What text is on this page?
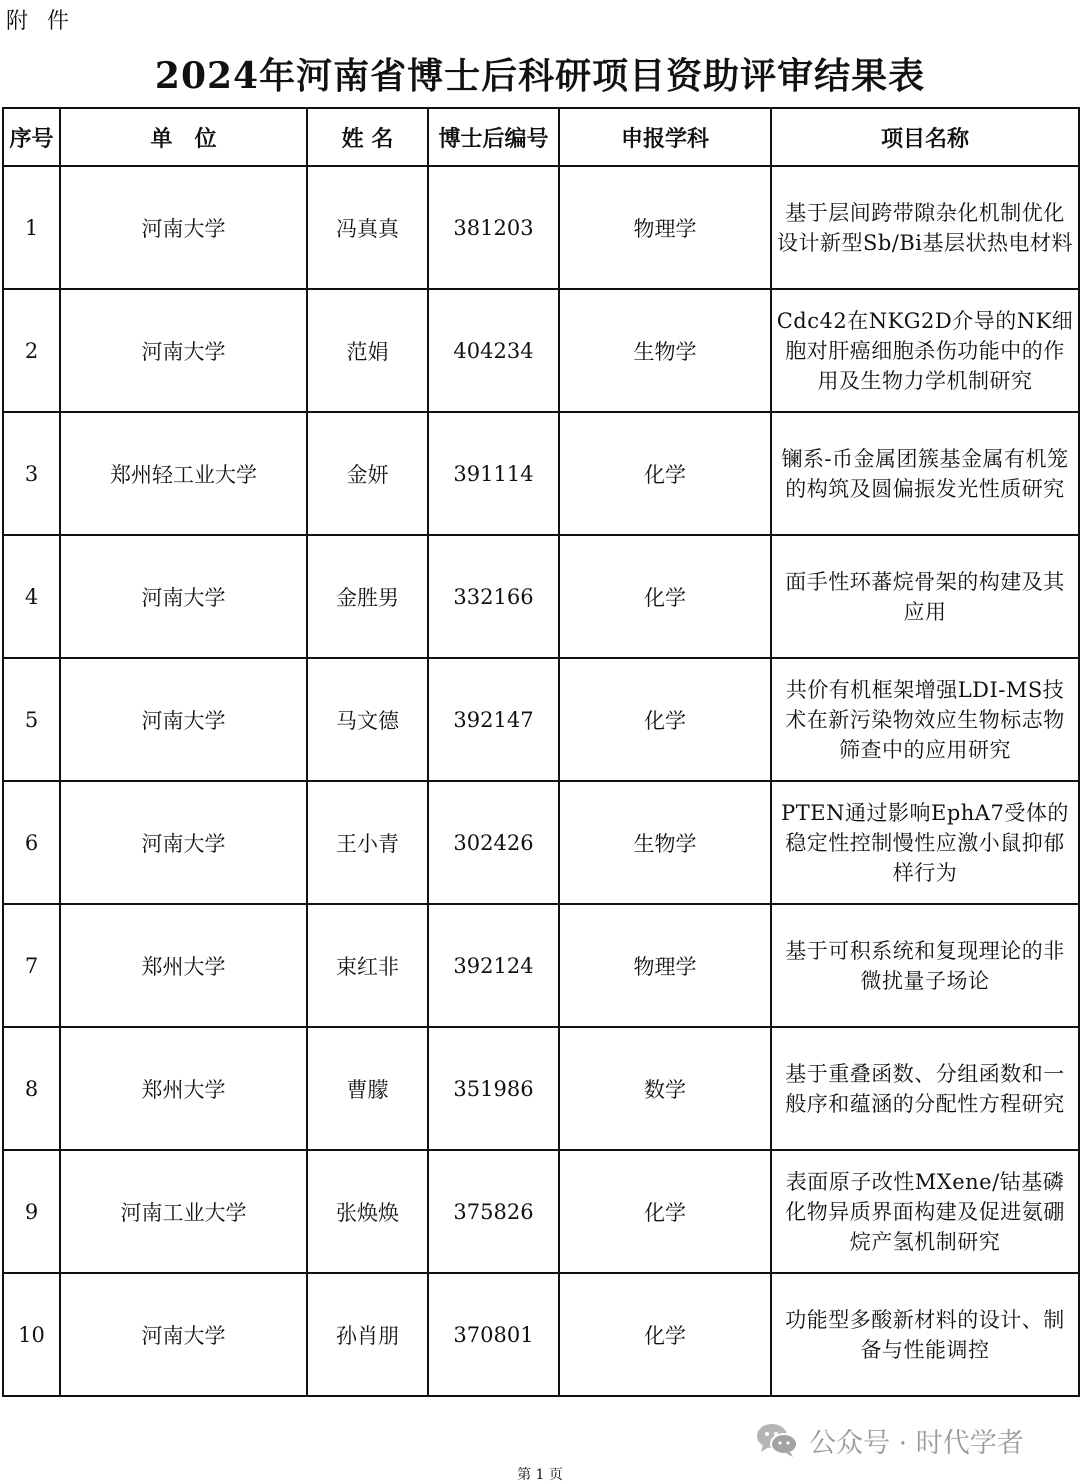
附 件
2024年河南省博士后科研项目资助评审结果表
序号	单　位	姓 名	博士后编号	申报学科	项目名称
1	河南大学	冯真真	381203	物理学	基于层间跨带隙杂化机制优化设计新型Sb/Bi基层状热电材料
2	河南大学	范娟	404234	生物学	Cdc42在NKG2D介导的NK细胞对肝癌细胞杀伤功能中的作用及生物力学机制研究
3	郑州轻工业大学	金妍	391114	化学	镧系-币金属团簇基金属有机笼的构筑及圆偏振发光性质研究
4	河南大学	金胜男	332166	化学	面手性环蕃烷骨架的构建及其应用
5	河南大学	马文德	392147	化学	共价有机框架增强LDI-MS技术在新污染物效应生物标志物筛查中的应用研究
6	河南大学	王小青	302426	生物学	PTEN通过影响EphA7受体的稳定性控制慢性应激小鼠抑郁样行为
7	郑州大学	束红非	392124	物理学	基于可积系统和复现理论的非微扰量子场论
8	郑州大学	曹朦	351986	数学	基于重叠函数、分组函数和一般序和蕴涵的分配性方程研究
9	河南工业大学	张焕焕	375826	化学	表面原子改性MXene/钴基磷化物异质界面构建及促进氨硼烷产氢机制研究
10	河南大学	孙肖朋	370801	化学	功能型多酸新材料的设计、制备与性能调控
公众号 · 时代学者
第 1 页
